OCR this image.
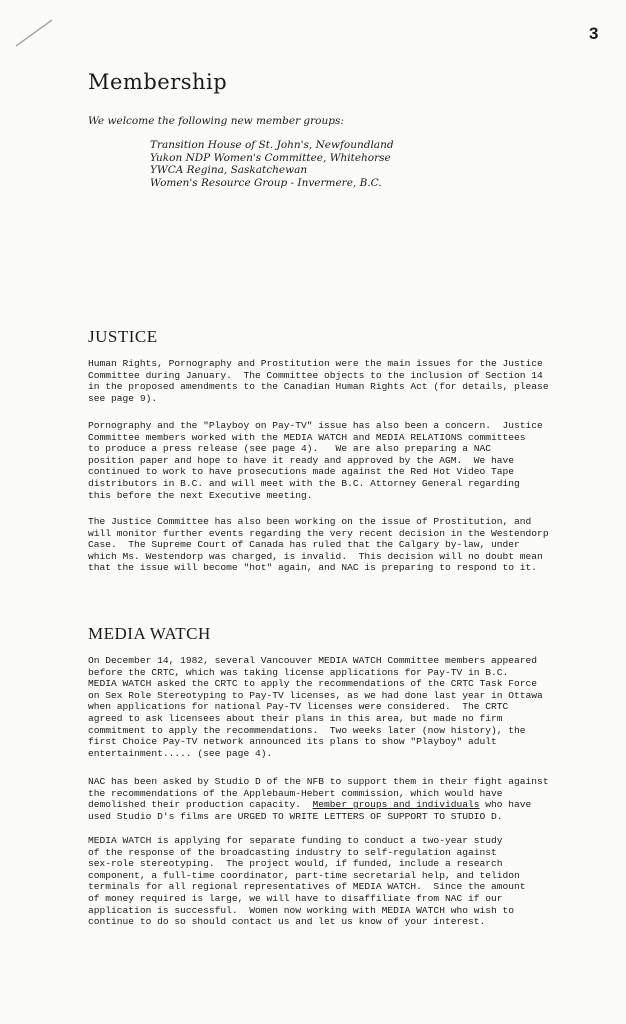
3
Membership
We welcome the following new member groups:
Transition House of St. John's, Newfoundland
Yukon NDP Women's Committee, Whitehorse
YWCA Regina, Saskatchewan
Women's Resource Group - Invermere, B.C.
JUSTICE

Human Rights, Pornography and Prostitution were the main issues for the Justice
Committee during January.  The Committee objects to the inclusion of Section 14
in the proposed amendments to the Canadian Human Rights Act (for details, please
see page 9).

Pornography and the "Playboy on Pay-TV" issue has also been a concern.  Justice
Committee members worked with the MEDIA WATCH and MEDIA RELATIONS committees
to produce a press release (see page 4).   We are also preparing a NAC
position paper and hope to have it ready and approved by the AGM.  We have
continued to work to have prosecutions made against the Red Hot Video Tape
distributors in B.C. and will meet with the B.C. Attorney General regarding
this before the next Executive meeting.

The Justice Committee has also been working on the issue of Prostitution, and
will monitor further events regarding the very recent decision in the Westendorp
Case.  The Supreme Court of Canada has ruled that the Calgary by-law, under
which Ms. Westendorp was charged, is invalid.  This decision will no doubt mean
that the issue will become "hot" again, and NAC is preparing to respond to it.

MEDIA WATCH

On December 14, 1982, several Vancouver MEDIA WATCH Committee members appeared
before the CRTC, which was taking license applications for Pay-TV in B.C.
MEDIA WATCH asked the CRTC to apply the recommendations of the CRTC Task Force
on Sex Role Stereotyping to Pay-TV licenses, as we had done last year in Ottawa
when applications for national Pay-TV licenses were considered.  The CRTC
agreed to ask licensees about their plans in this area, but made no firm
commitment to apply the recommendations.  Two weeks later (now history), the
first Choice Pay-TV network announced its plans to show "Playboy" adult
entertainment..... (see page 4).

NAC has been asked by Studio D of the NFB to support them in their fight against
the recommendations of the Applebaum-Hebert commission, which would have
demolished their production capacity.  Member groups and individuals who have
used Studio D's films are URGED TO WRITE LETTERS OF SUPPORT TO STUDIO D.

MEDIA WATCH is applying for separate funding to conduct a two-year study
of the response of the broadcasting industry to self-regulation against
sex-role stereotyping.  The project would, if funded, include a research
component, a full-time coordinator, part-time secretarial help, and telidon
terminals for all regional representatives of MEDIA WATCH.  Since the amount
of money required is large, we will have to disaffiliate from NAC if our
application is successful.  Women now working with MEDIA WATCH who wish to
continue to do so should contact us and let us know of your interest.
